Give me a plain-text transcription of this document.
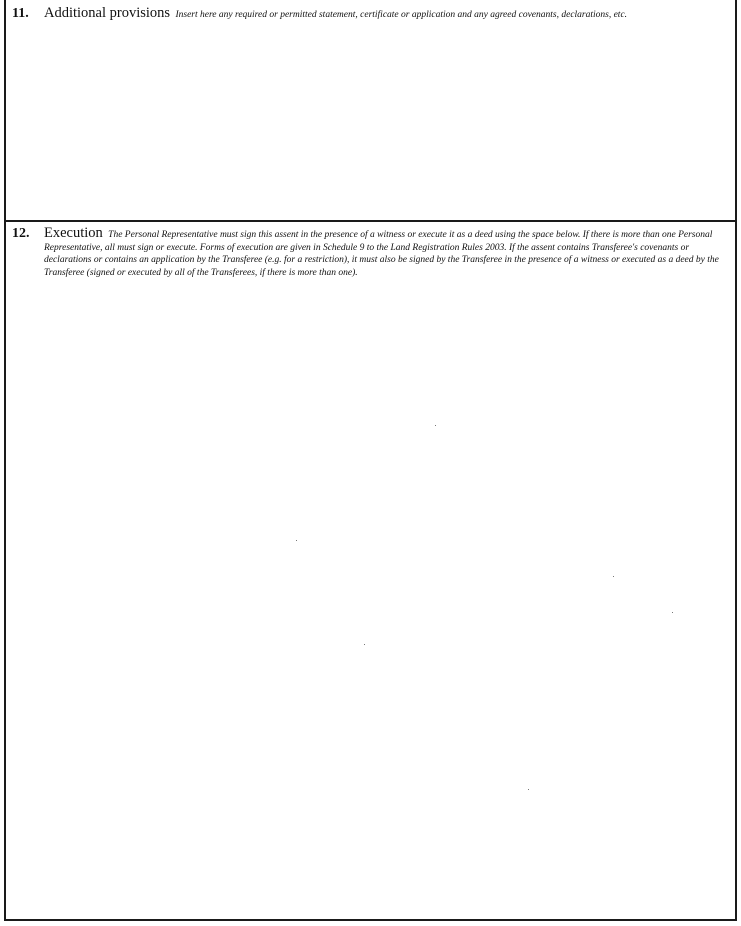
11. Additional provisions Insert here any required or permitted statement, certificate or application and any agreed covenants, declarations, etc.
12. Execution The Personal Representative must sign this assent in the presence of a witness or execute it as a deed using the space below. If there is more than one Personal Representative, all must sign or execute. Forms of execution are given in Schedule 9 to the Land Registration Rules 2003. If the assent contains Transferee's covenants or declarations or contains an application by the Transferee (e.g. for a restriction), it must also be signed by the Transferee in the presence of a witness or executed as a deed by the Transferee (signed or executed by all of the Transferees, if there is more than one).
